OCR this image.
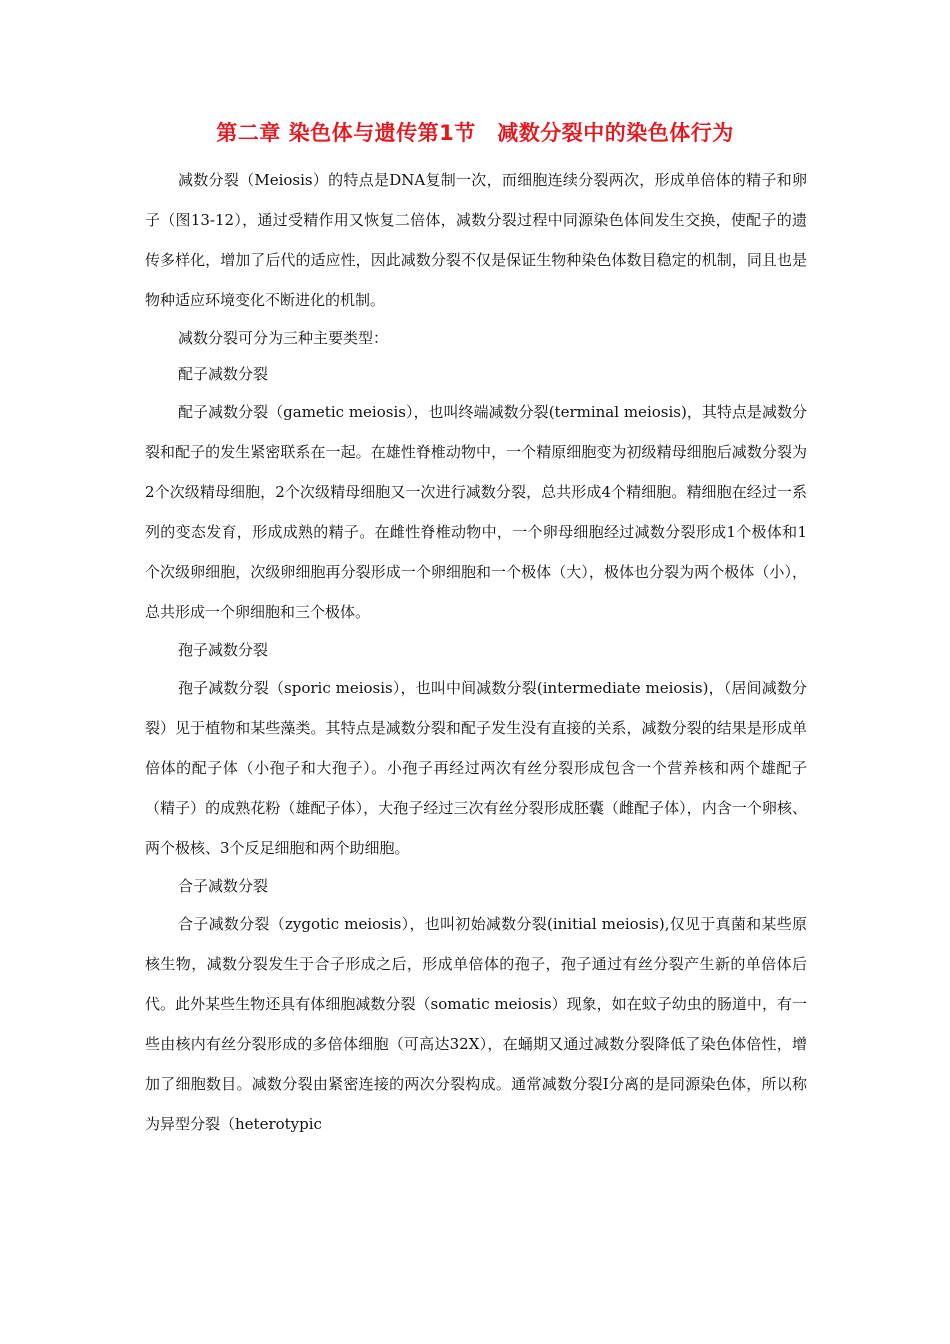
第二章 染色体与遗传第1节　减数分裂中的染色体行为

减数分裂（Meiosis）的特点是DNA复制一次，而细胞连续分裂两次，形成单倍体的精子和卵子（图13-12），通过受精作用又恢复二倍体，减数分裂过程中同源染色体间发生交换，使配子的遗传多样化，增加了后代的适应性，因此减数分裂不仅是保证生物种染色体数目稳定的机制，同且也是物种适应环境变化不断进化的机制。

减数分裂可分为三种主要类型：

配子减数分裂

配子减数分裂（gametic meiosis），也叫终端减数分裂(terminal meiosis)，其特点是减数分裂和配子的发生紧密联系在一起。在雄性脊椎动物中，一个精原细胞变为初级精母细胞后减数分裂为2个次级精母细胞，2个次级精母细胞又一次进行减数分裂，总共形成4个精细胞。精细胞在经过一系列的变态发育，形成成熟的精子。在雌性脊椎动物中，一个卵母细胞经过减数分裂形成1个极体和1个次级卵细胞，次级卵细胞再分裂形成一个卵细胞和一个极体（大），极体也分裂为两个极体（小），总共形成一个卵细胞和三个极体。

孢子减数分裂

孢子减数分裂（sporic meiosis），也叫中间减数分裂(intermediate meiosis)，（居间减数分裂）见于植物和某些藻类。其特点是减数分裂和配子发生没有直接的关系，减数分裂的结果是形成单倍体的配子体（小孢子和大孢子）。小孢子再经过两次有丝分裂形成包含一个营养核和两个雄配子（精子）的成熟花粉（雄配子体），大孢子经过三次有丝分裂形成胚囊（雌配子体），内含一个卵核、两个极核、3个反足细胞和两个助细胞。

合子减数分裂

合子减数分裂（zygotic meiosis），也叫初始减数分裂(initial meiosis),仅见于真菌和某些原核生物，减数分裂发生于合子形成之后，形成单倍体的孢子，孢子通过有丝分裂产生新的单倍体后代。此外某些生物还具有体细胞减数分裂（somatic meiosis）现象，如在蚊子幼虫的肠道中，有一些由核内有丝分裂形成的多倍体细胞（可高达32X），在蛹期又通过减数分裂降低了染色体倍性，增加了细胞数目。减数分裂由紧密连接的两次分裂构成。通常减数分裂Ⅰ分离的是同源染色体，所以称为异型分裂（heterotypic
